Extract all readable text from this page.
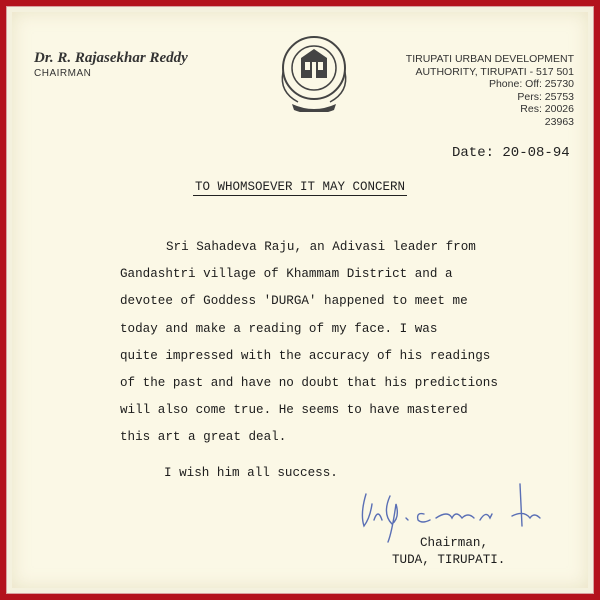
Dr. R. Rajasekhar Reddy
CHAIRMAN
TIRUPATI URBAN DEVELOPMENT
AUTHORITY, TIRUPATI - 517 501
Phone: Off: 25730
Pers: 25753
Res: 20026
23963
Date: 20-08-94
TO WHOMSOEVER IT MAY CONCERN
Sri Sahadeva Raju, an Adivasi leader from
Gandashtri village of Khammam District and a
devotee of Goddess 'DURGA' happened to meet me
today and make a reading of my face. I was
quite impressed with the accuracy of his readings
of the past and have no doubt that his predictions
will also come true. He seems to have mastered
this art a great deal.
I wish him all success.
Chairman,
TUDA, TIRUPATI.
